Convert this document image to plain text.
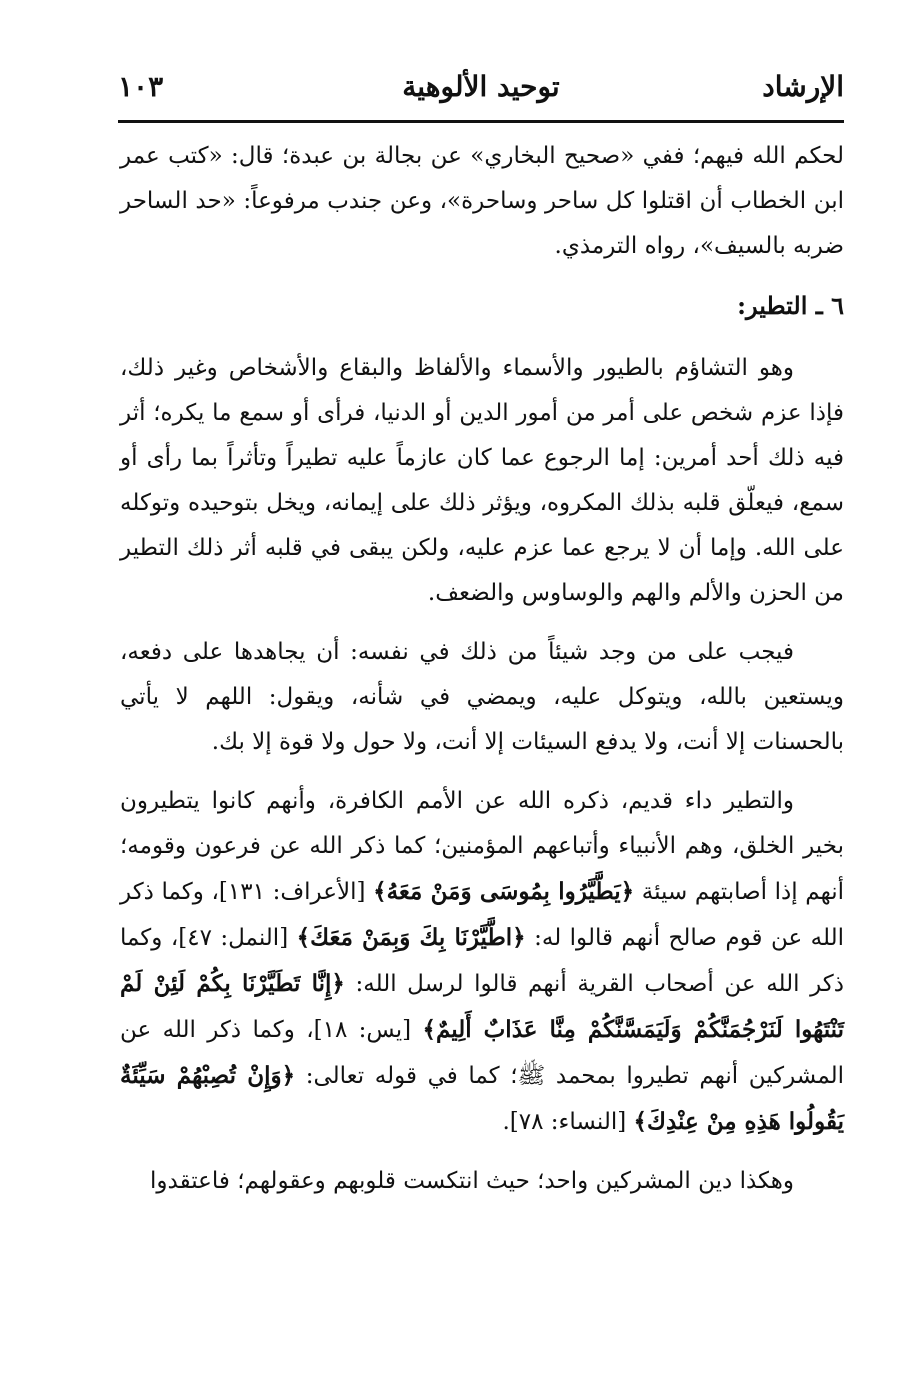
الإرشاد
توحيد الألوهية
١٠٣

لحكم الله فيهم؛ ففي «صحيح البخاري» عن بجالة بن عبدة؛ قال: «كتب عمر ابن الخطاب أن اقتلوا كل ساحر وساحرة»، وعن جندب مرفوعاً: «حد الساحر ضربه بالسيف»، رواه الترمذي.

٦ ـ التطير:

وهو التشاؤم بالطيور والأسماء والألفاظ والبقاع والأشخاص وغير ذلك، فإذا عزم شخص على أمر من أمور الدين أو الدنيا، فرأى أو سمع ما يكره؛ أثر فيه ذلك أحد أمرين: إما الرجوع عما كان عازماً عليه تطيراً وتأثراً بما رأى أو سمع، فيعلّق قلبه بذلك المكروه، ويؤثر ذلك على إيمانه، ويخل بتوحيده وتوكله على الله. وإما أن لا يرجع عما عزم عليه، ولكن يبقى في قلبه أثر ذلك التطير من الحزن والألم والهم والوساوس والضعف.

فيجب على من وجد شيئاً من ذلك في نفسه: أن يجاهدها على دفعه، ويستعين بالله، ويتوكل عليه، ويمضي في شأنه، ويقول: اللهم لا يأتي بالحسنات إلا أنت، ولا يدفع السيئات إلا أنت، ولا حول ولا قوة إلا بك.

والتطير داء قديم، ذكره الله عن الأمم الكافرة، وأنهم كانوا يتطيرون بخير الخلق، وهم الأنبياء وأتباعهم المؤمنين؛ كما ذكر الله عن فرعون وقومه؛ أنهم إذا أصابتهم سيئة ﴿يَطَّيَّرُوا بِمُوسَى وَمَنْ مَعَهُ﴾ [الأعراف: ١٣١]، وكما ذكر الله عن قوم صالح أنهم قالوا له: ﴿اطَّيَّرْنَا بِكَ وَبِمَنْ مَعَكَ﴾ [النمل: ٤٧]، وكما ذكر الله عن أصحاب القرية أنهم قالوا لرسل الله: ﴿إِنَّا تَطَيَّرْنَا بِكُمْ لَئِنْ لَمْ تَنْتَهُوا لَنَرْجُمَنَّكُمْ وَلَيَمَسَّنَّكُمْ مِنَّا عَذَابٌ أَلِيمٌ﴾ [يس: ١٨]، وكما ذكر الله عن المشركين أنهم تطيروا بمحمد ﷺ؛ كما في قوله تعالى: ﴿وَإِنْ تُصِبْهُمْ سَيِّئَةٌ يَقُولُوا هَذِهِ مِنْ عِنْدِكَ﴾ [النساء: ٧٨].

وهكذا دين المشركين واحد؛ حيث انتكست قلوبهم وعقولهم؛ فاعتقدوا
